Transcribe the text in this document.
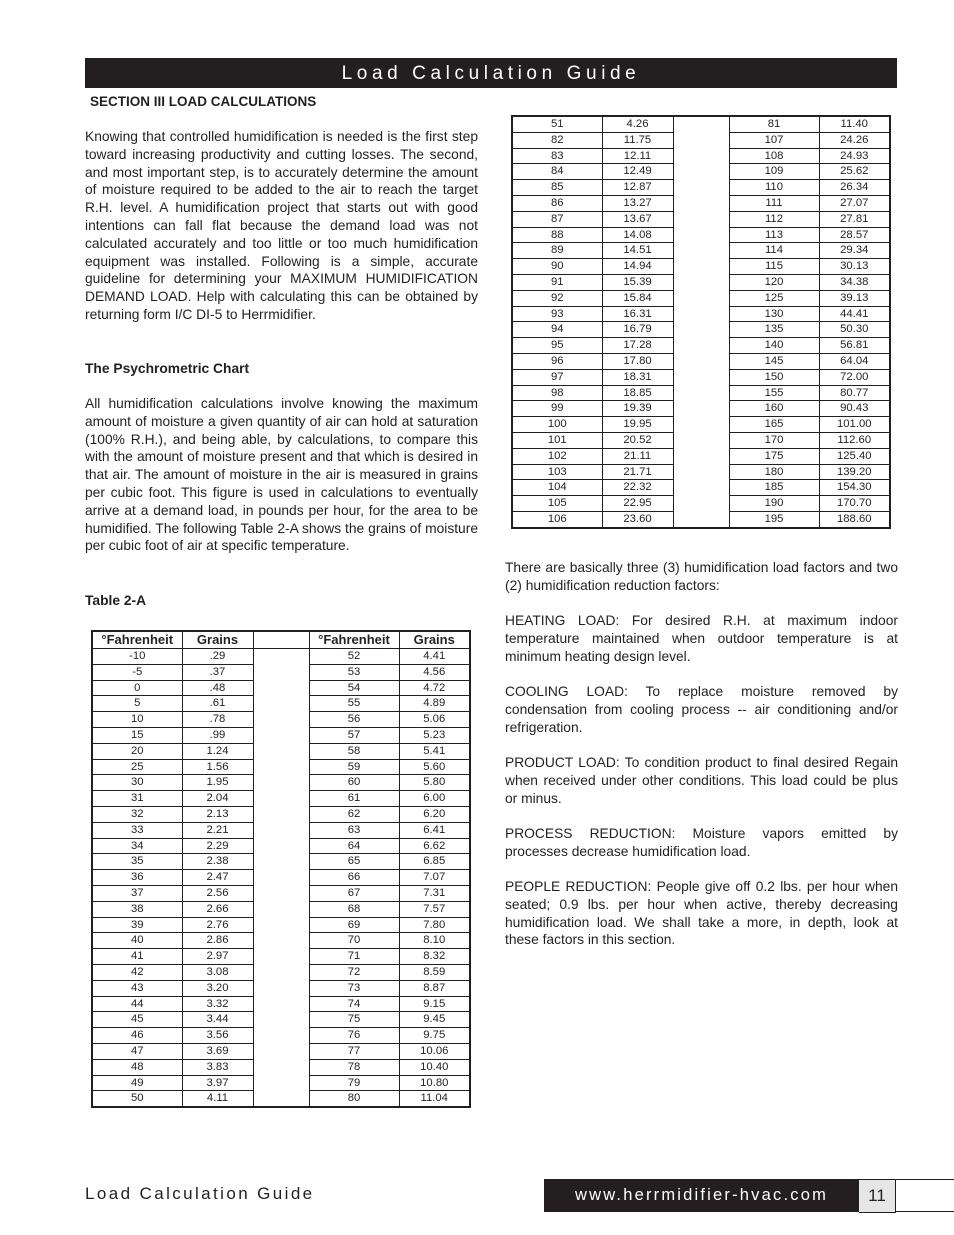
Load Calculation Guide
SECTION III LOAD CALCULATIONS

Knowing that controlled humidification is needed is the first step toward increasing productivity and cutting losses. The second, and most important step, is to accurately determine the amount of moisture required to be added to the air to reach the target R.H. level. A humidification project that starts out with good intentions can fall flat because the demand load was not calculated accurately and too little or too much humidification equipment was installed. Following is a simple, accurate guideline for determining your MAXIMUM HUMIDIFICATION DEMAND LOAD. Help with calculating this can be obtained by returning form I/C DI-5 to Herrmidifier.

The Psychrometric Chart

All humidification calculations involve knowing the maximum amount of moisture a given quantity of air can hold at saturation (100% R.H.), and being able, by calculations, to compare this with the amount of moisture present and that which is desired in that air. The amount of moisture in the air is measured in grains per cubic foot. This figure is used in calculations to eventually arrive at a demand load, in pounds per hour, for the area to be humidified. The following Table 2-A shows the grains of moisture per cubic foot of air at specific temperature.

Table 2-A

°Fahrenheit	Grains		°Fahrenheit	Grains
-10	.29		52	4.41
-5	.37		53	4.56
0	.48		54	4.72
5	.61		55	4.89
10	.78		56	5.06
15	.99		57	5.23
20	1.24		58	5.41
25	1.56		59	5.60
30	1.95		60	5.80
31	2.04		61	6.00
32	2.13		62	6.20
33	2.21		63	6.41
34	2.29		64	6.62
35	2.38		65	6.85
36	2.47		66	7.07
37	2.56		67	7.31
38	2.66		68	7.57
39	2.76		69	7.80
40	2.86		70	8.10
41	2.97		71	8.32
42	3.08		72	8.59
43	3.20		73	8.87
44	3.32		74	9.15
45	3.44		75	9.45
46	3.56		76	9.75
47	3.69		77	10.06
48	3.83		78	10.40
49	3.97		79	10.80
50	4.11		80	11.04
51	4.26		81	11.40
82	11.75		107	24.26
83	12.11		108	24.93
84	12.49		109	25.62
85	12.87		110	26.34
86	13.27		111	27.07
87	13.67		112	27.81
88	14.08		113	28.57
89	14.51		114	29.34
90	14.94		115	30.13
91	15.39		120	34.38
92	15.84		125	39.13
93	16.31		130	44.41
94	16.79		135	50.30
95	17.28		140	56.81
96	17.80		145	64.04
97	18.31		150	72.00
98	18.85		155	80.77
99	19.39		160	90.43
100	19.95		165	101.00
101	20.52		170	112.60
102	21.11		175	125.40
103	21.71		180	139.20
104	22.32		185	154.30
105	22.95		190	170.70
106	23.60		195	188.60

There are basically three (3) humidification load factors and two (2) humidification reduction factors:

HEATING LOAD: For desired R.H. at maximum indoor temperature maintained when outdoor temperature is at minimum heating design level.

COOLING LOAD: To replace moisture removed by condensation from cooling process -- air conditioning and/or refrigeration.

PRODUCT LOAD: To condition product to final desired Regain when received under other conditions. This load could be plus or minus.

PROCESS REDUCTION: Moisture vapors emitted by processes decrease humidification load.

PEOPLE REDUCTION: People give off 0.2 lbs. per hour when seated; 0.9 lbs. per hour when active, thereby decreasing humidification load. We shall take a more, in depth, look at these factors in this section.

Load Calculation Guide	www.herrmidifier-hvac.com	11
